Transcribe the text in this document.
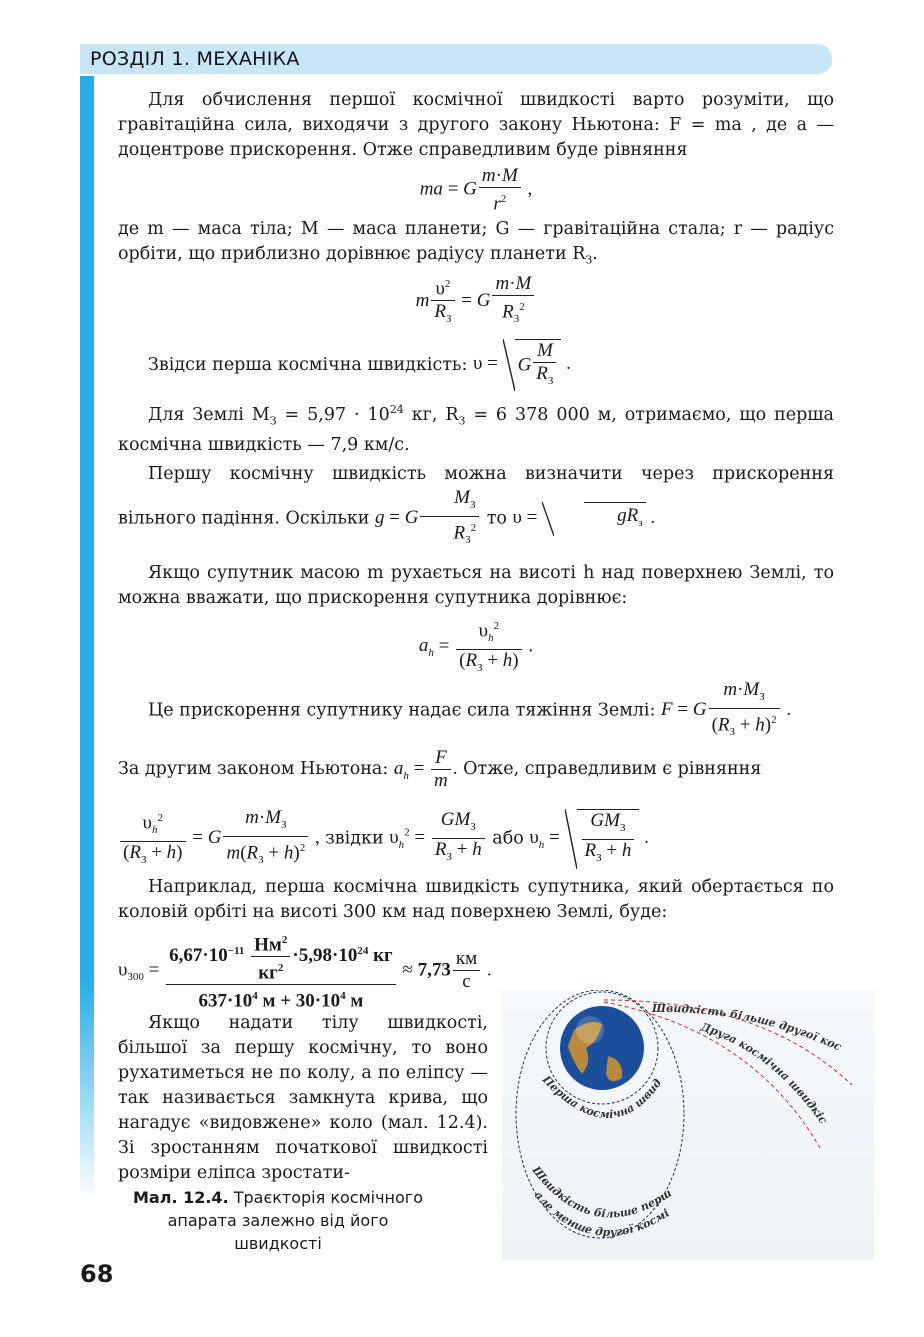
РОЗДІЛ 1. МЕХАНІКА

Для обчислення першої космічної швидкості варто розуміти, що гравітаційна сила, виходячи з другого закону Ньютона: F = ma , де a — доцентрове прискорення. Отже справедливим буде рівняння

ma = G $\frac{m\cdot M}{r^2}$ ,

де m — маса тіла; M — маса планети; G — гравітаційна стала; r — радіус орбіти, що приблизно дорівнює радіусу планети $R_З$.

m $\frac{\upsilon^2}{R_З} = G \frac{m\cdot M}{R_З^2}$
Звідси перша космічна швидкість: υ = G $\frac{M}{R_З}$ .

Для Землі $M_З = 5,97 \cdot 10^{24}$ кг, $R_З = 6$ 378 000 м, отримаємо, що перша космічна швидкість — 7,9 км/с.

Першу космічну швидкість можна визначити через прискорення вільного падіння. Оскільки g = G $\frac{M_З}{R_З^2}$ то υ =	$gR_з$ .

Якщо супутник масою m рухається на висоті h над поверхнею Землі, то можна вважати, що прискорення супутника дорівнює:

$a_h = \frac{\upsilon_h^2}{(R_З + h)}$ .
Це прискорення супутнику надає сила тяжіння Землі: F = G $\frac{m\cdot M_З}{(R_З + h)^2}$ .
За другим законом Ньютона: $a_h = \frac{F}{m}$ . Отже, справедливим є рівняння
$\frac{\upsilon_h^2}{(R_З + h)} = G \frac{m\cdot M_З}{m(R_З + h)^2}$ , звідки $\upsilon_h^2 = \frac{GM_З}{R_З + h}$ або $\upsilon_h = \frac{GM_З}{R_З + h}$ .

Наприклад, перша космічна швидкість супутника, який обертається по коловій орбіті на висоті 300 км над поверхнею Землі, буде:

$\upsilon_{300} = \frac{6,67\cdot 10^{-11} \frac{Нм^2}{кг^2} \cdot 5,98\cdot 10^{24} кг}{637\cdot 10^4 м + 30\cdot 10^4 м} \approx 7,73 \frac{км}{с}$ .

Якщо надати тілу швидкості, більшої за першу космічну, то воно рухатиметься не по колу, а по еліпсу — так називається замкнута крива, що нагадує «видовжене» коло (мал. 12.4). Зі зростанням початкової швидкості розміри еліпса зростати-

Мал. 12.4. Траєкторія космічного апарата залежно від його швидкості
Швидкість більше другої кос
Друга космічна швидкіс
Перша космічна швид
Швидкість більше перш
але менше другої космі
68
